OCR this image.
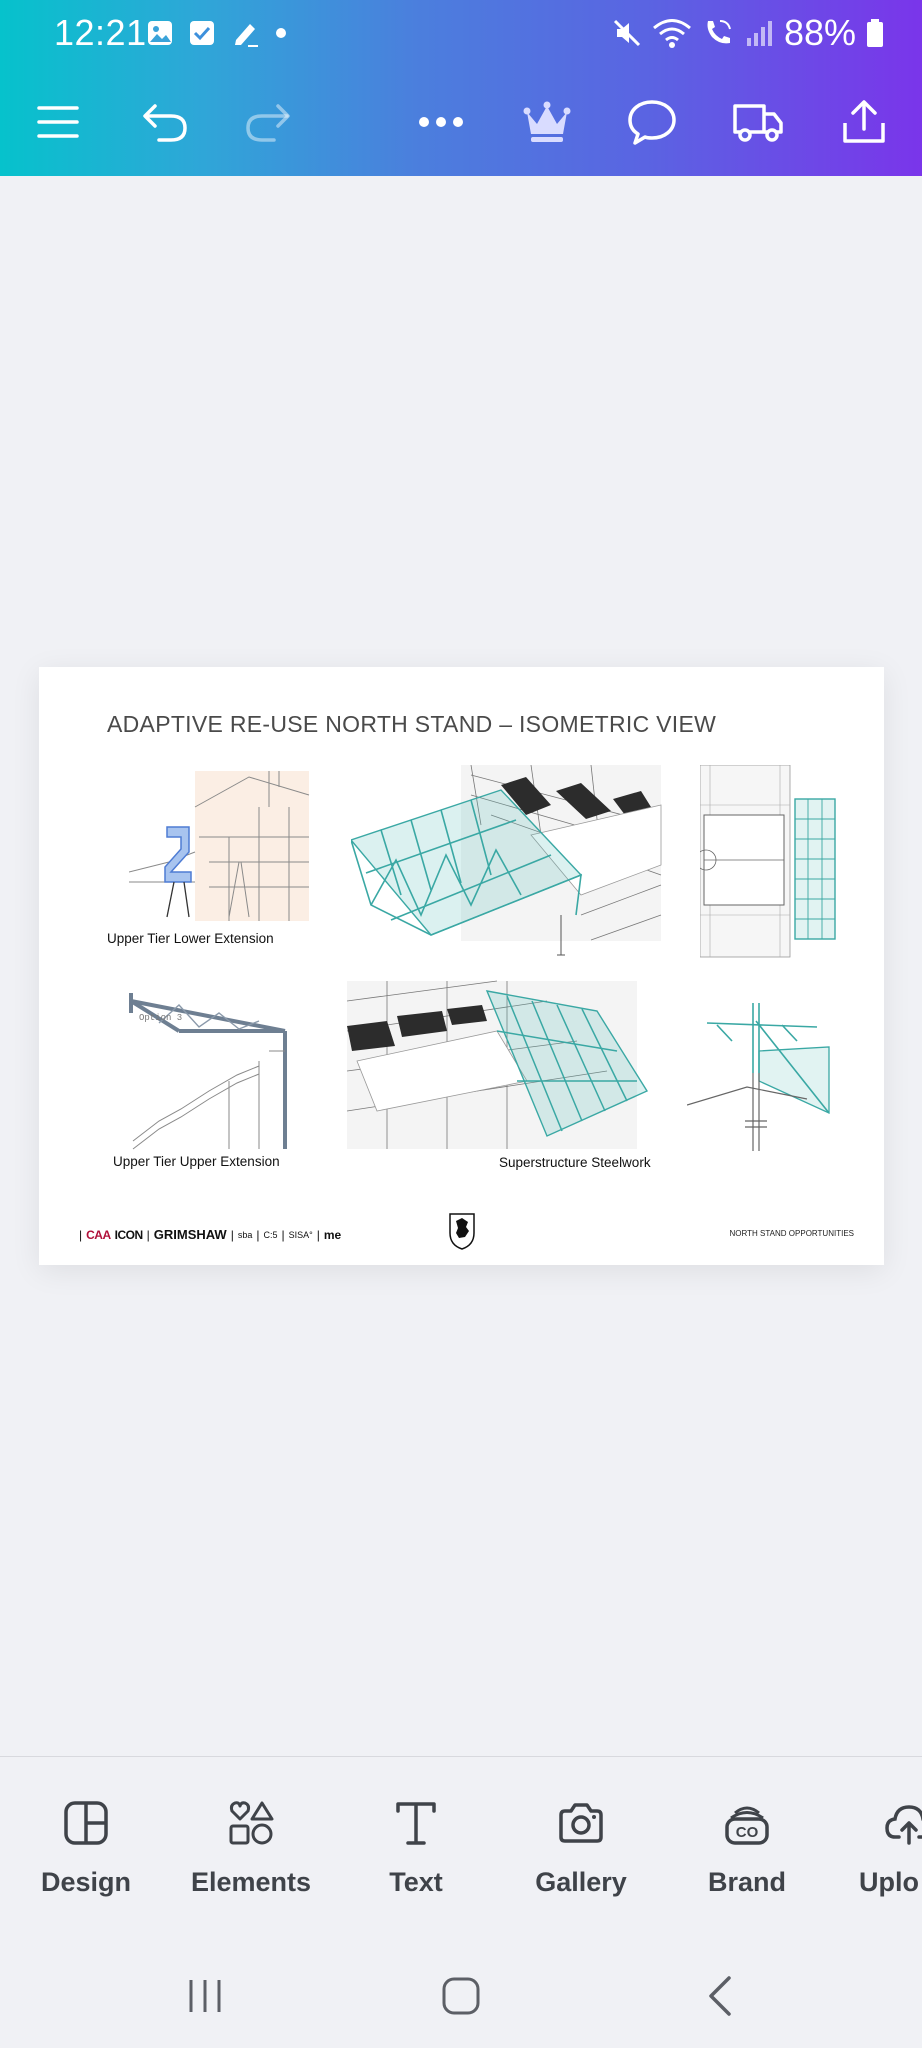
12:21	88%
ADAPTIVE RE-USE NORTH STAND – ISOMETRIC VIEW
Upper Tier Lower Extension
Option 3
Upper Tier Upper Extension	Superstructure Steelwork
| CAA ICON | GRIMSHAW | sba | C:5 | SISA° | me	NORTH STAND OPPORTUNITIES
Design	Elements	Text	Gallery
CO
Brand	Uplo
